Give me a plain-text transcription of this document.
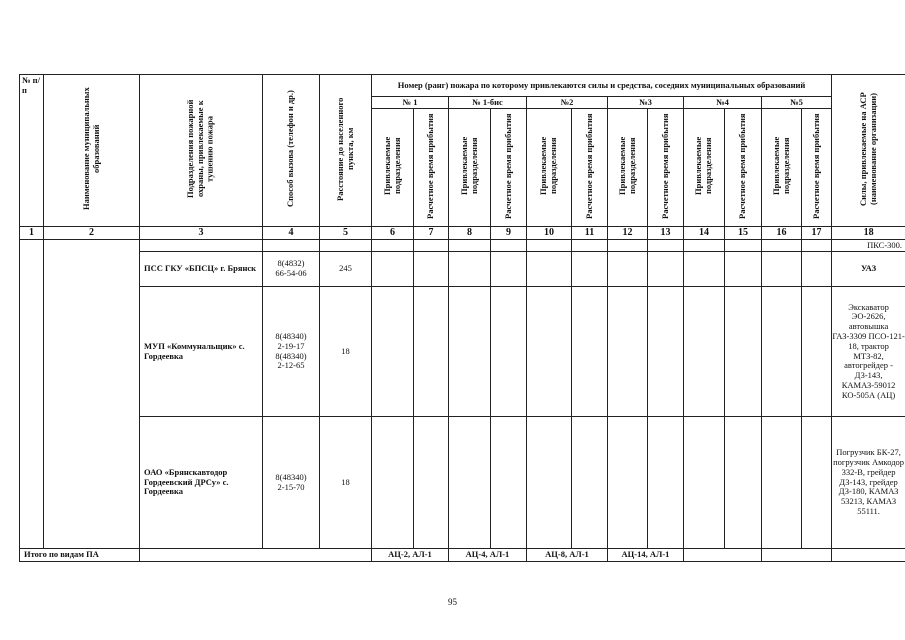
№ п/п	Наименование муниципальных образований	Подразделения пожарной охраны, привлекаемые к тушению пожара	Способ вызова (телефон и др.)	Расстояние до населенного пункта, км	Номер (ранг) пожара по которому привлекаются силы и средства, соседних муниципальных образований												Силы, привлекаемые на АСР (наименование организации)
					№ 1		№ 1-бис		№2		№3		№4		№5		
					Привлекаемые подразделения	Расчетное время прибытия	Привлекаемые подразделения	Расчетное время прибытия	Привлекаемые подразделения	Расчетное время прибытия	Привлекаемые подразделения	Расчетное время прибытия	Привлекаемые подразделения	Расчетное время прибытия	Привлекаемые подразделения	Расчетное время прибытия	
1	2	3	4	5	6	7	8	9	10	11	12	13	14	15	16	17	18
																	ПКС-300.
		ПСС ГКУ «БПСЦ» г. Брянск	8(4832)
66-54-06	245													УАЗ
		МУП «Коммунальщик» с. Гордеевка	8(48340)
2-19-17
8(48340)
2-12-65	18													Экскаватор ЭО-2626, автовышка ГАЗ-3309 ПСО-121-18, трактор МТЗ-82, автогрейдер - ДЗ-143, КАМАЗ-59012 КО-505А (АЦ)
		ОАО «Брянскавтодор Гордеевский ДРСу» с. Гордеевка	8(48340)
2-15-70	18													Погрузчик БК-27, погрузчик Амкодор 332-В, грейдер ДЗ-143, грейдер ДЗ-180, КАМАЗ 53213, КАМАЗ 55111.
Итого по видам ПА					АЦ-2, АЛ-1		АЦ-4, АЛ-1		АЦ-8, АЛ-1		АЦ-14, АЛ-1						
95
